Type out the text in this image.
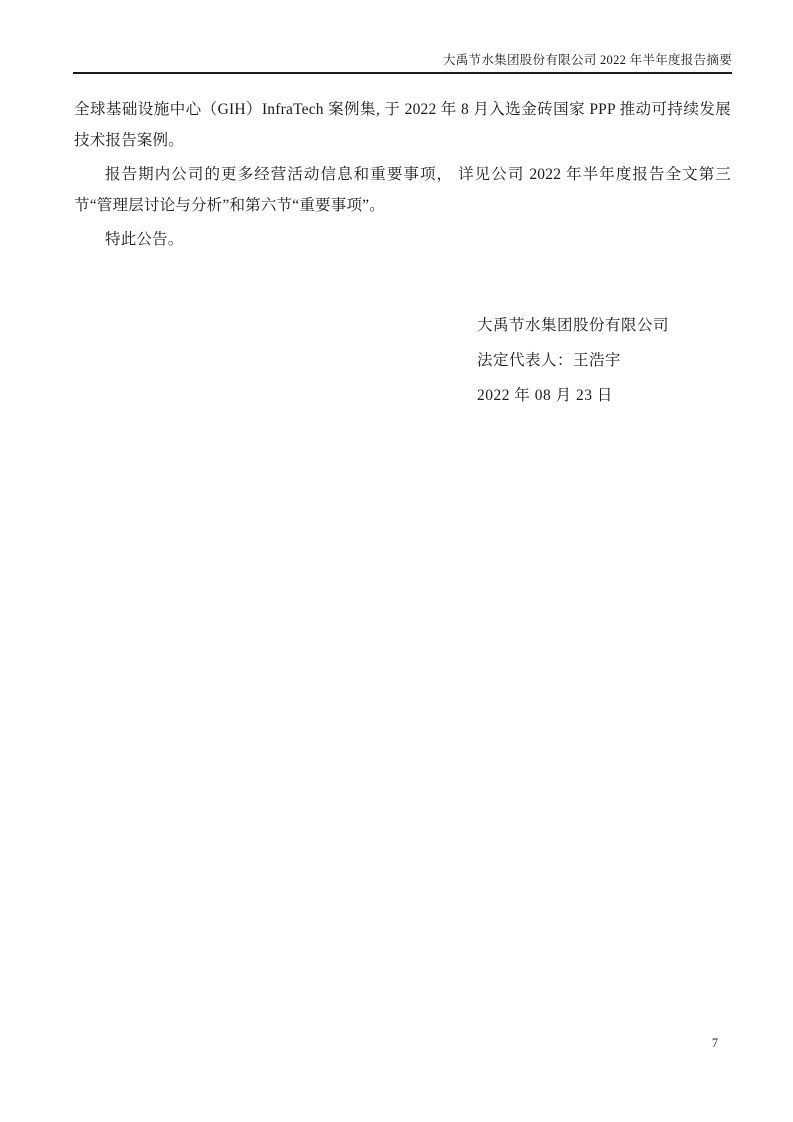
大禹节水集团股份有限公司 2022 年半年度报告摘要

全球基础设施中心（GIH）InfraTech 案例集, 于 2022 年 8 月入选金砖国家 PPP 推动可持续发展技术报告案例。

报告期内公司的更多经营活动信息和重要事项， 详见公司 2022 年半年度报告全文第三节“管理层讨论与分析”和第六节“重要事项”。

特此公告。

大禹节水集团股份有限公司
法定代表人：王浩宇
2022 年 08 月 23 日
7
